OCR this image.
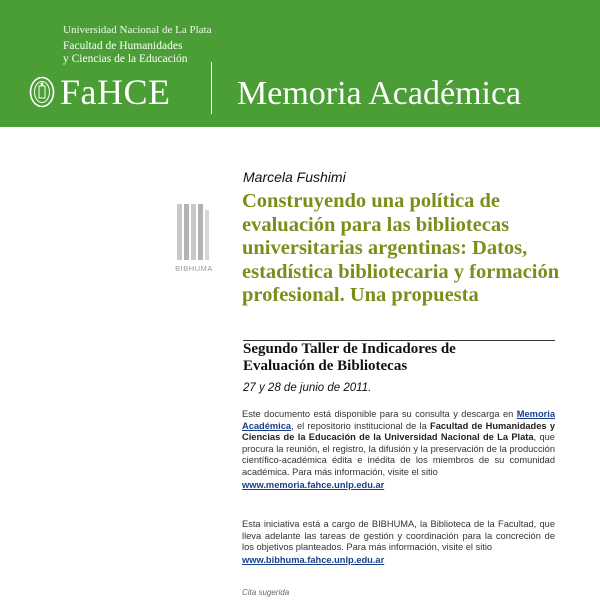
Universidad Nacional de La Plata
Facultad de Humanidades
y Ciencias de la Educación
FaHCE Memoria Académica
BIBHUMA
Marcela Fushimi
Construyendo una política de evaluación para las bibliotecas universitarias argentinas: Datos, estadística bibliotecaria y formación profesional. Una propuesta
Segundo Taller de Indicadores de
Evaluación de Bibliotecas
27 y 28 de junio de 2011.
Este documento está disponible para su consulta y descarga en Memoria Académica, el repositorio institucional de la Facultad de Humanidades y Ciencias de la Educación de la Universidad Nacional de La Plata, que procura la reunión, el registro, la difusión y la preservación de la producción científico-académica édita e inédita de los miembros de su comunidad académica. Para más información, visite el sitio
www.memoria.fahce.unlp.edu.ar
Esta iniciativa está a cargo de BIBHUMA, la Biblioteca de la Facultad, que lleva adelante las tareas de gestión y coordinación para la concreción de los objetivos planteados. Para más información, visite el sitio
www.bibhuma.fahce.unlp.edu.ar
Cita sugerida
